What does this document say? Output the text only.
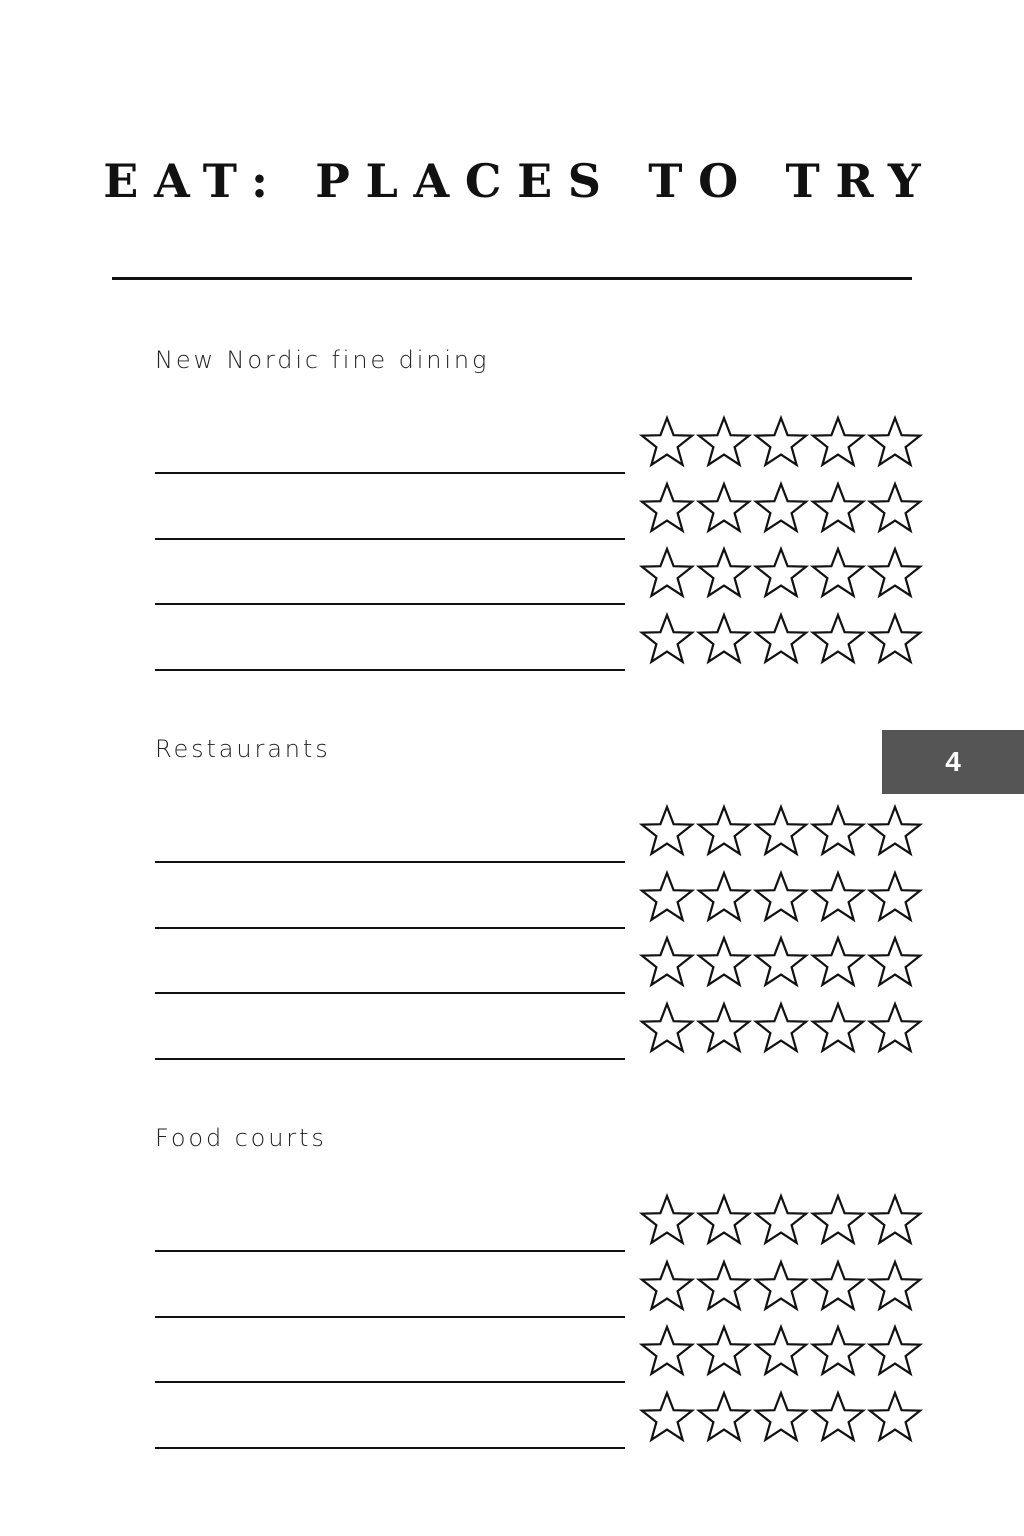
EAT: PLACES TO TRY
4
New Nordic fine dining
Restaurants
Food courts
